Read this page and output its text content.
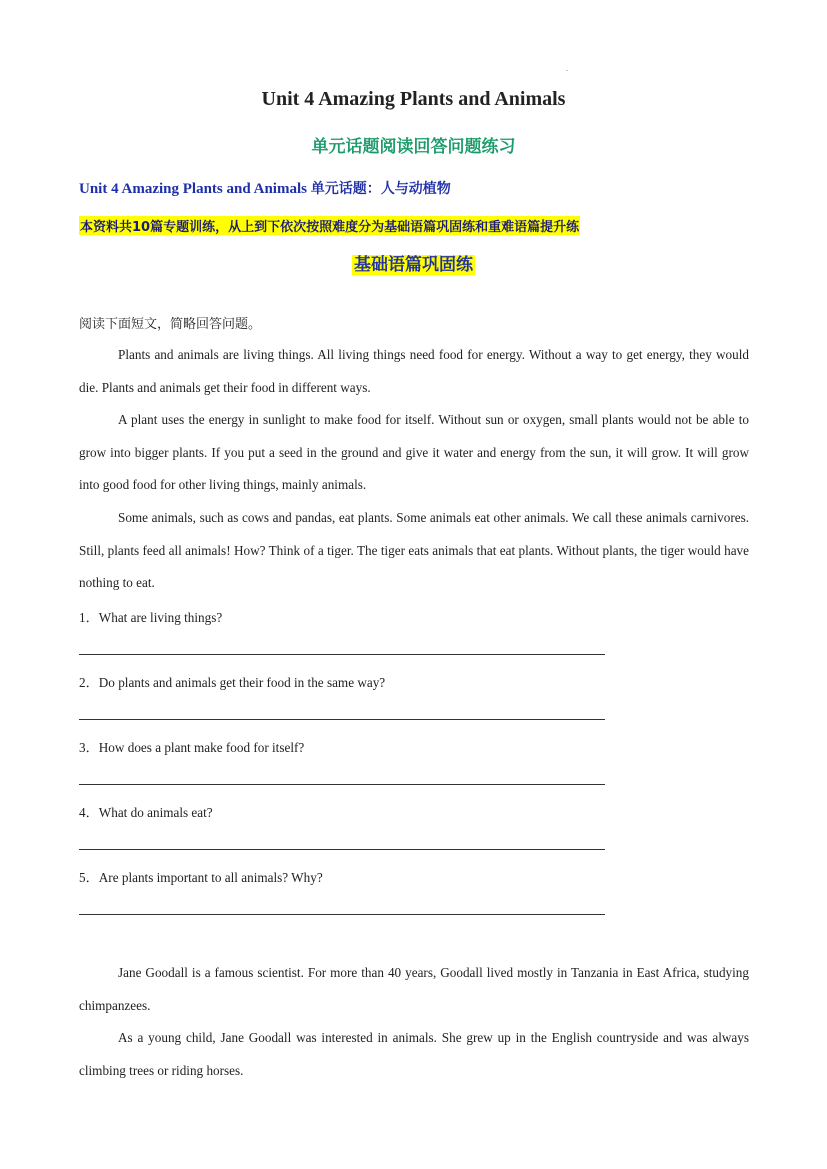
.
Unit 4 Amazing Plants and Animals
单元话题阅读回答问题练习
Unit 4 Amazing Plants and Animals 单元话题：人与动植物
本资料共10篇专题训练，从上到下依次按照难度分为基础语篇巩固练和重难语篇提升练
基础语篇巩固练
阅读下面短文，简略回答问题。

Plants and animals are living things. All living things need food for energy. Without a way to get energy, they would die. Plants and animals get their food in different ways.

A plant uses the energy in sunlight to make food for itself. Without sun or oxygen, small plants would not be able to grow into bigger plants. If you put a seed in the ground and give it water and energy from the sun, it will grow. It will grow into good food for other living things, mainly animals.

Some animals, such as cows and pandas, eat plants. Some animals eat other animals. We call these animals carnivores. Still, plants feed all animals! How? Think of a tiger. The tiger eats animals that eat plants. Without plants, the tiger would have nothing to eat.

1．What are living things?
2．Do plants and animals get their food in the same way?
3．How does a plant make food for itself?
4．What do animals eat?
5．Are plants important to all animals? Why?

Jane Goodall is a famous scientist. For more than 40 years, Goodall lived mostly in Tanzania in East Africa, studying chimpanzees.

As a young child, Jane Goodall was interested in animals. She grew up in the English countryside and was always climbing trees or riding horses.
